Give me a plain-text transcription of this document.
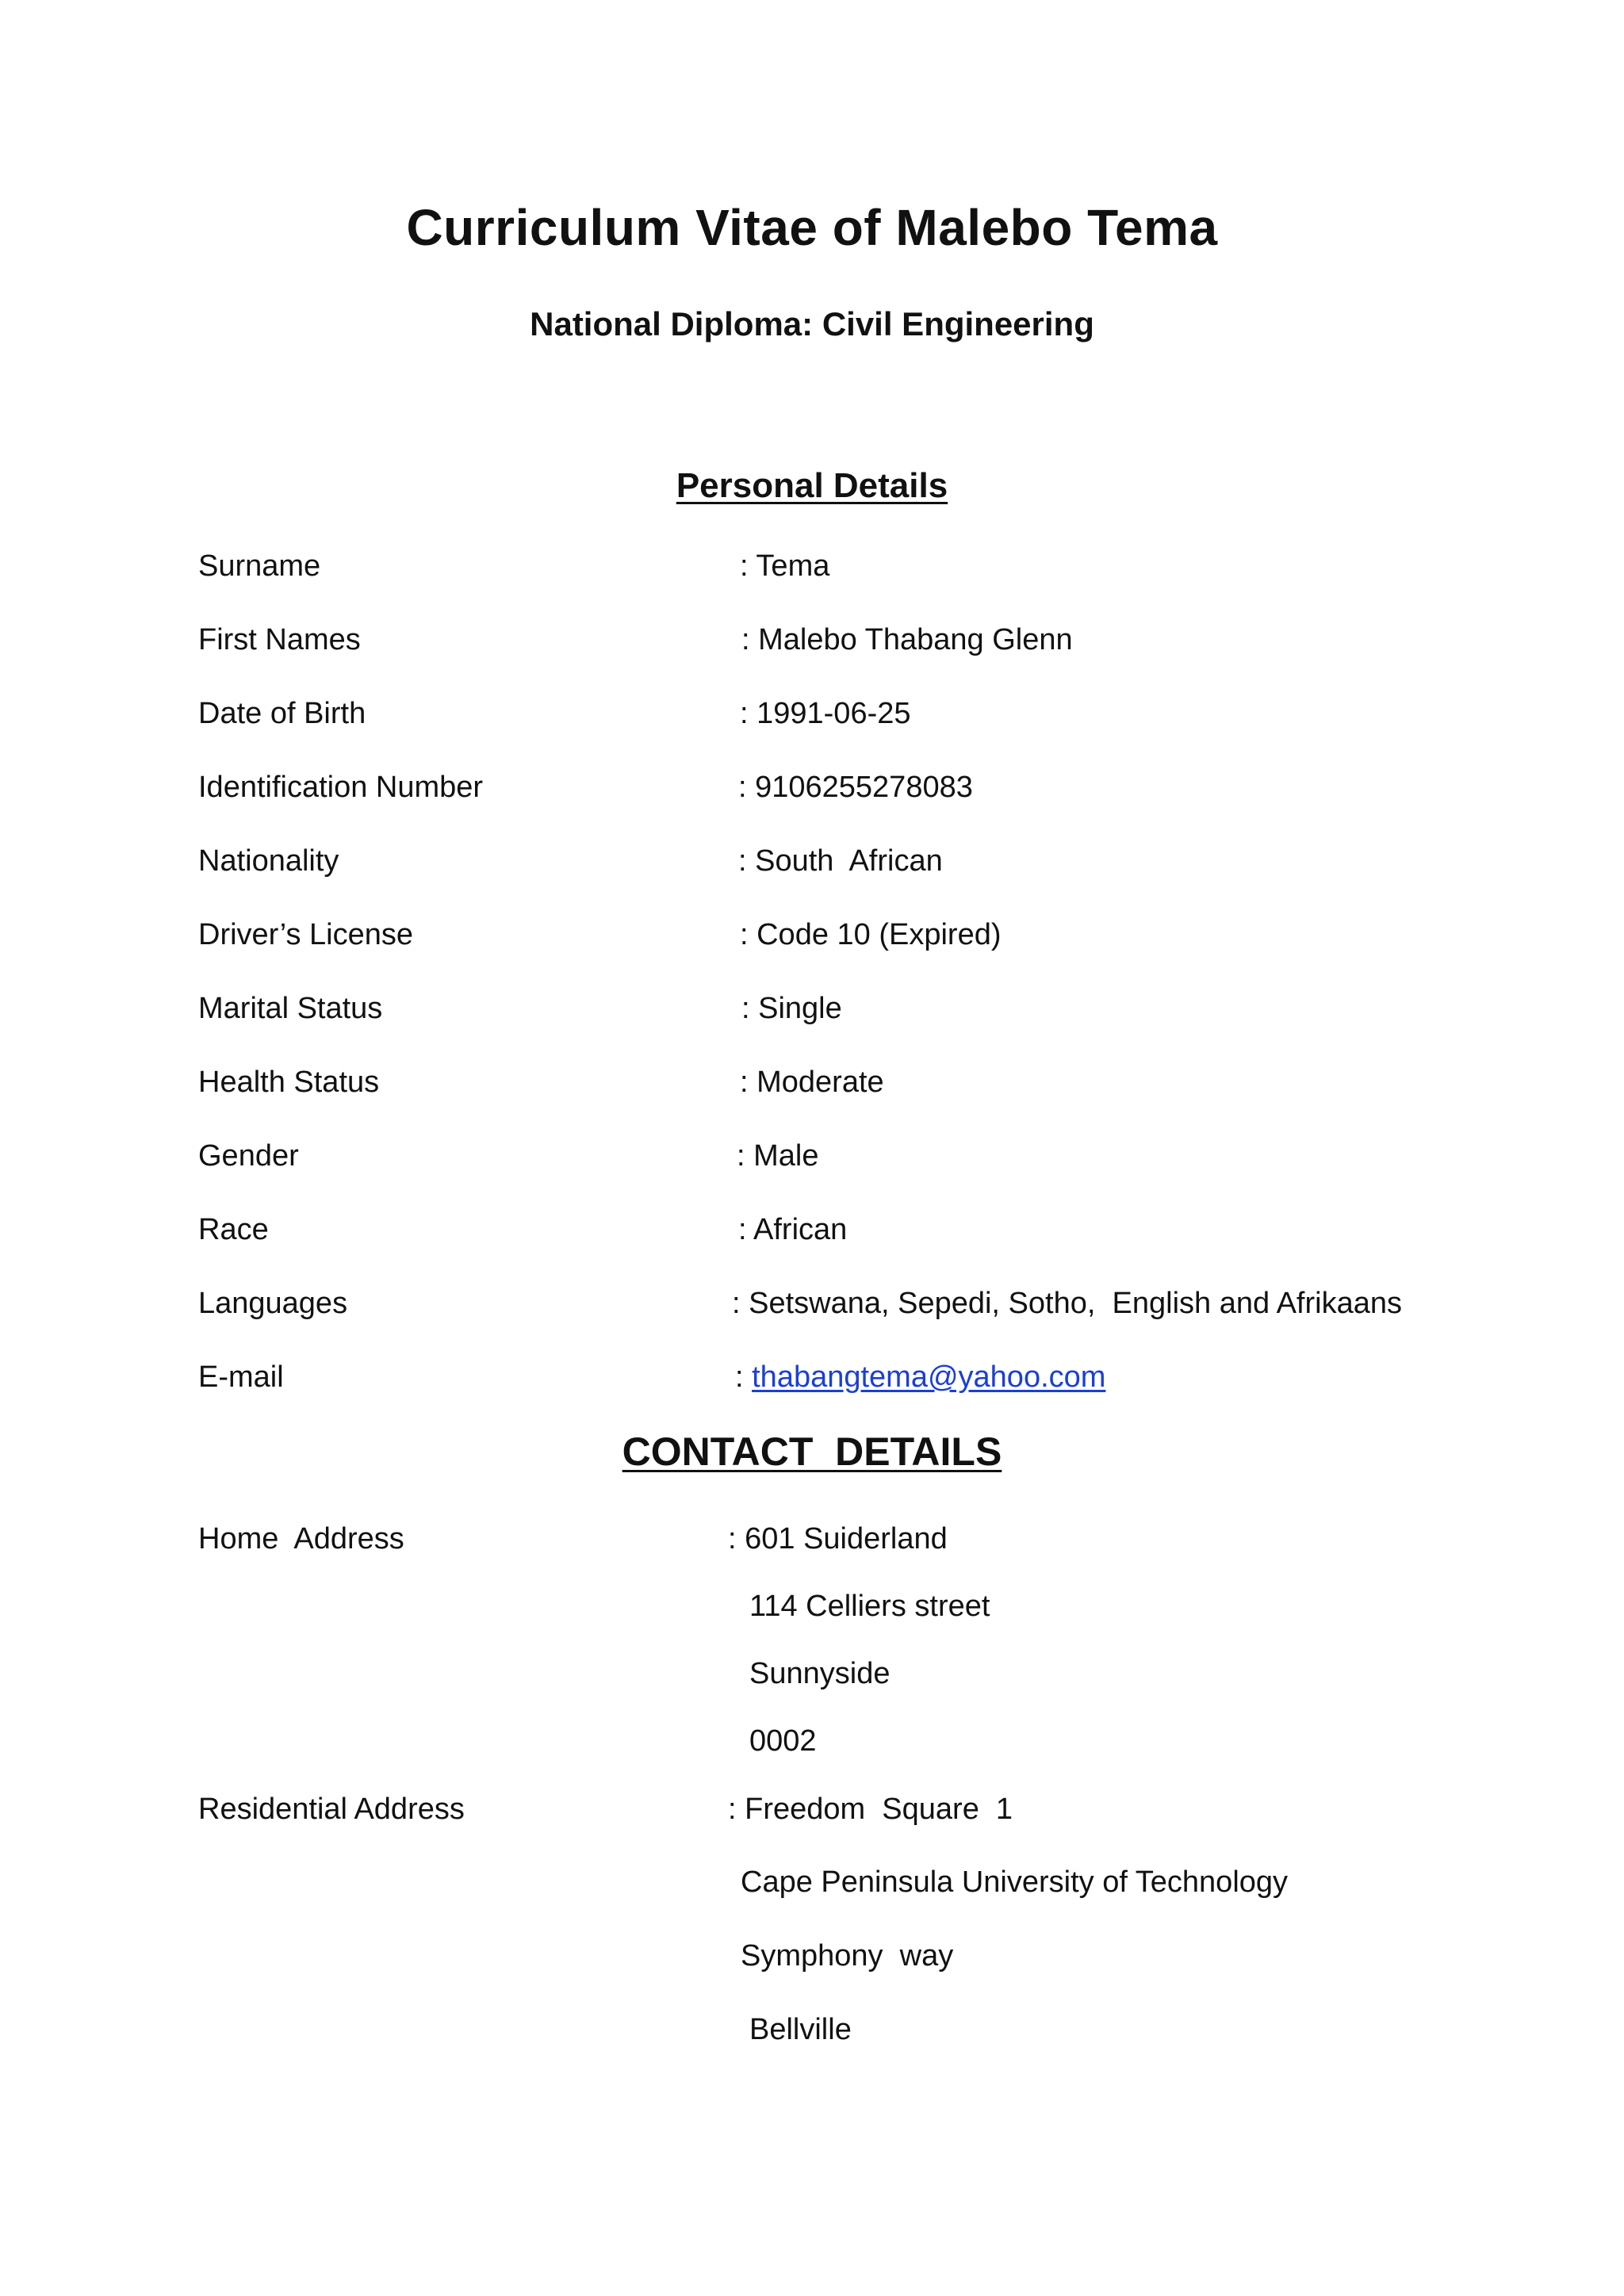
Curriculum Vitae of Malebo Tema
National Diploma: Civil Engineering
Personal Details
Surname	: Tema
First Names	: Malebo Thabang Glenn
Date of Birth	: 1991-06-25
Identification Number	: 9106255278083
Nationality	: South  African
Driver’s License	: Code 10 (Expired)
Marital Status	: Single
Health Status	: Moderate
Gender	: Male
Race	: African
Languages	: Setswana, Sepedi, Sotho,  English and Afrikaans
E-mail	: thabangtema@yahoo.com
CONTACT  DETAILS
Home  Address	: 601 Suiderland
114 Celliers street
Sunnyside
0002
Residential Address	: Freedom  Square  1
Cape Peninsula University of Technology
Symphony  way
Bellville
